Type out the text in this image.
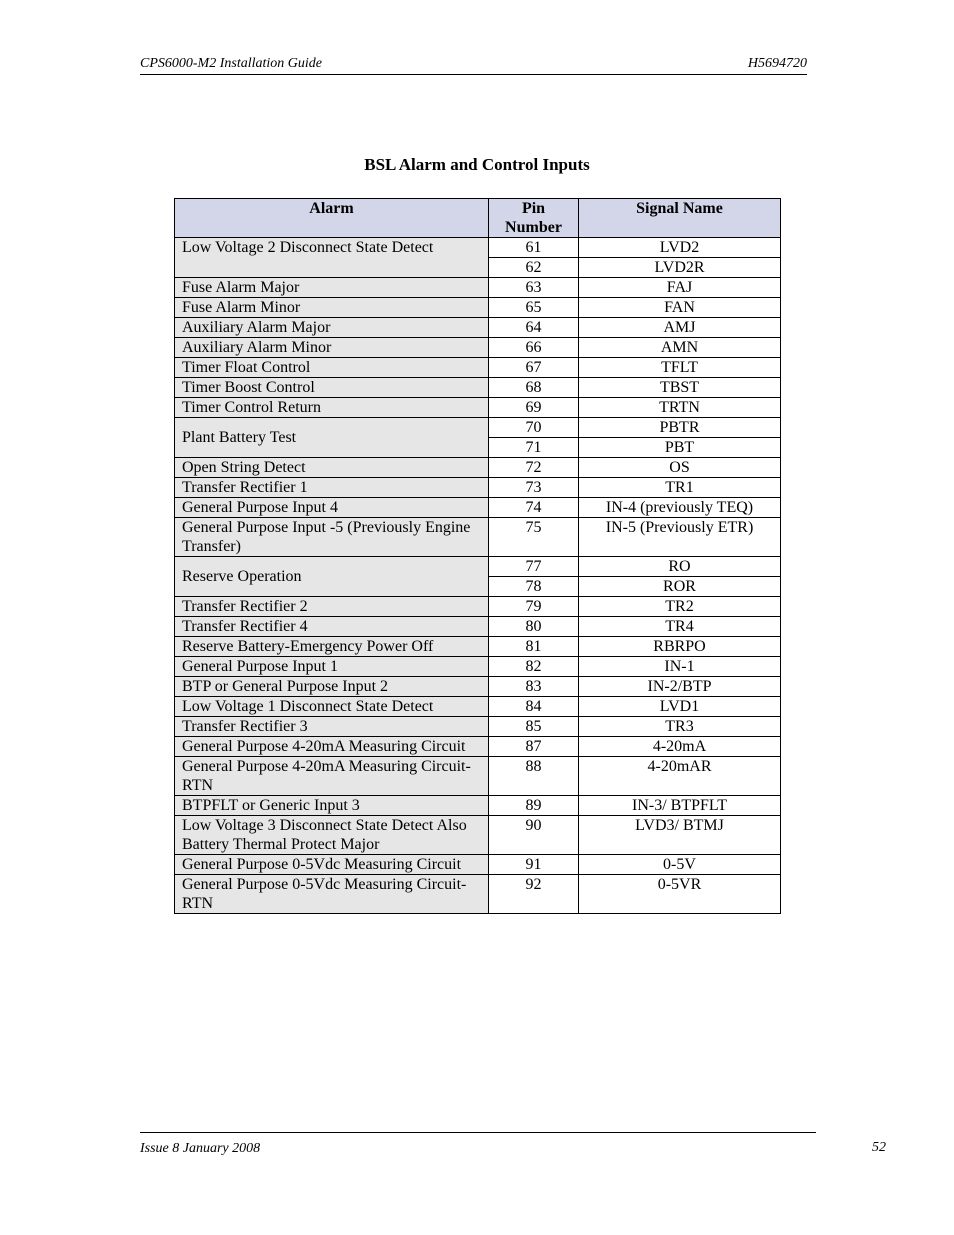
CPS6000-M2 Installation Guide	H5694720
BSL Alarm and Control Inputs
Alarm	Pin Number	Signal Name
Low Voltage 2 Disconnect State Detect	61	LVD2
	62	LVD2R
Fuse Alarm Major	63	FAJ
Fuse Alarm Minor	65	FAN
Auxiliary Alarm Major	64	AMJ
Auxiliary Alarm Minor	66	AMN
Timer Float Control	67	TFLT
Timer Boost Control	68	TBST
Timer Control Return	69	TRTN
Plant Battery Test	70	PBTR
	71	PBT
Open String Detect	72	OS
Transfer Rectifier 1	73	TR1
General Purpose Input 4	74	IN-4 (previously TEQ)
General Purpose Input -5 (Previously Engine Transfer)	75	IN-5 (Previously ETR)
Reserve Operation	77	RO
	78	ROR
Transfer Rectifier 2	79	TR2
Transfer Rectifier 4	80	TR4
Reserve Battery-Emergency Power Off	81	RBRPO
General Purpose Input 1	82	IN-1
BTP or General Purpose Input 2	83	IN-2/BTP
Low Voltage 1 Disconnect State Detect	84	LVD1
Transfer Rectifier 3	85	TR3
General Purpose 4-20mA Measuring Circuit	87	4-20mA
General Purpose 4-20mA Measuring Circuit-RTN	88	4-20mAR
BTPFLT or Generic Input 3	89	IN-3/ BTPFLT
Low Voltage 3 Disconnect State Detect Also Battery Thermal Protect Major	90	LVD3/ BTMJ
General Purpose 0-5Vdc Measuring Circuit	91	0-5V
General Purpose 0-5Vdc Measuring Circuit-RTN	92	0-5VR
Issue 8 January 2008	52
